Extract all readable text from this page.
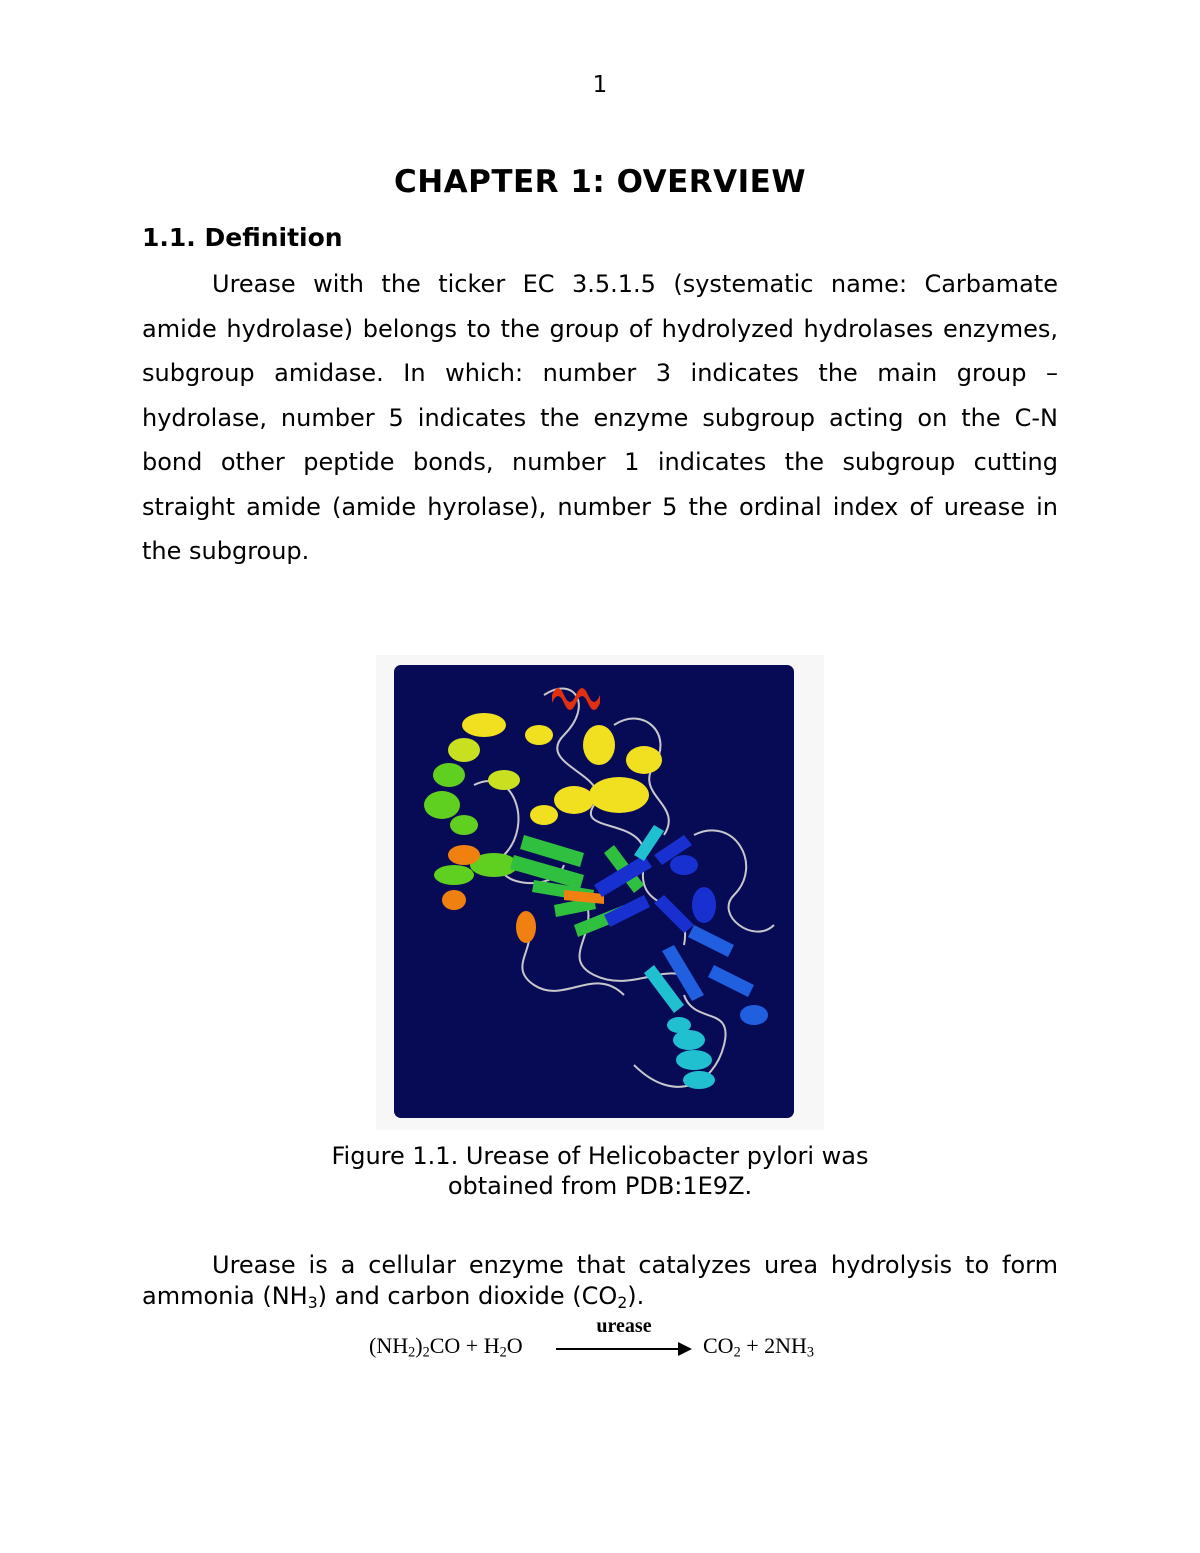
1
CHAPTER 1: OVERVIEW
1.1. Definition

Urease with the ticker EC 3.5.1.5 (systematic name: Carbamate amide hydrolase) belongs to the group of hydrolyzed hydrolases enzymes, subgroup amidase. In which: number 3 indicates the main group – hydrolase, number 5 indicates the enzyme subgroup acting on the C-N bond other peptide bonds, number 1 indicates the subgroup cutting straight amide (amide hyrolase), number 5 the ordinal index of urease in the subgroup.

Figure 1.1. Urease of Helicobacter pylori was
obtained from PDB:1E9Z.

Urease is a cellular enzyme that catalyzes urea hydrolysis to form ammonia $(NH_3)$ and carbon dioxide $(CO_2)$.

$(NH_2)_2CO + H_2O$
urease
$CO_2 + 2NH_3$
